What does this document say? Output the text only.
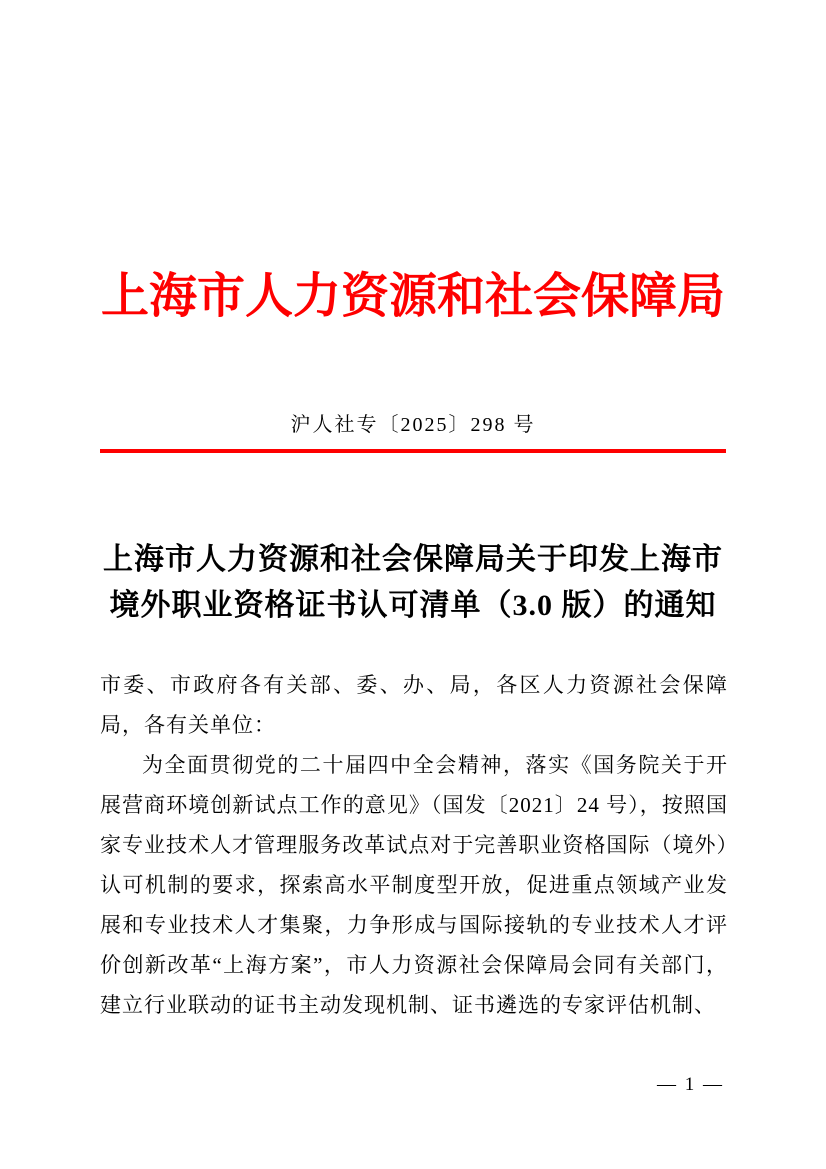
上海市人力资源和社会保障局
沪人社专〔2025〕298 号
上海市人力资源和社会保障局关于印发上海市
境外职业资格证书认可清单（3.0 版）的通知

市委、市政府各有关部、委、办、局，各区人力资源社会保障局，各有关单位：

为全面贯彻党的二十届四中全会精神，落实《国务院关于开展营商环境创新试点工作的意见》（国发〔2021〕24 号），按照国家专业技术人才管理服务改革试点对于完善职业资格国际（境外）认可机制的要求，探索高水平制度型开放，促进重点领域产业发展和专业技术人才集聚，力争形成与国际接轨的专业技术人才评价创新改革“上海方案”，市人力资源社会保障局会同有关部门，建立行业联动的证书主动发现机制、证书遴选的专家评估机制、

— 1 —
